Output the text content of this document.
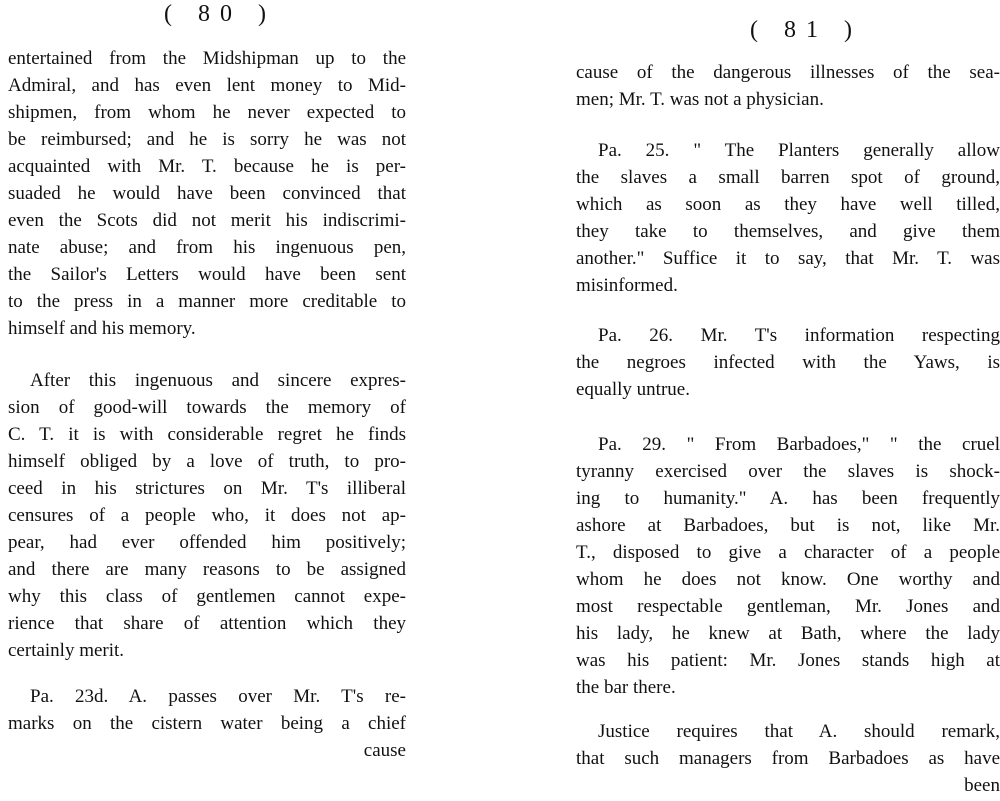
( 80 )
entertained from the Midshipman up to the
Admiral, and has even lent money to Mid-
shipmen, from whom he never expected to
be reimbursed; and he is sorry he was not
acquainted with Mr. T. because he is per-
suaded he would have been convinced that
even the Scots did not merit his indiscrimi-
nate abuse; and from his ingenuous pen,
the Sailor's Letters would have been sent
to the press in a manner more creditable to
himself and his memory.
After this ingenuous and sincere expres-
sion of good-will towards the memory of
C. T. it is with considerable regret he finds
himself obliged by a love of truth, to pro-
ceed in his strictures on Mr. T's illiberal
censures of a people who, it does not ap-
pear, had ever offended him positively;
and there are many reasons to be assigned
why this class of gentlemen cannot expe-
rience that share of attention which they
certainly merit.
Pa. 23d. A. passes over Mr. T's re-
marks on the cistern water being a chief
cause
( 81 )
cause of the dangerous illnesses of the sea-
men; Mr. T. was not a physician.
Pa. 25. " The Planters generally allow
the slaves a small barren spot of ground,
which as soon as they have well tilled,
they take to themselves, and give them
another." Suffice it to say, that Mr. T. was
misinformed.
Pa. 26. Mr. T's information respecting
the negroes infected with the Yaws, is
equally untrue.
Pa. 29. " From Barbadoes," " the cruel
tyranny exercised over the slaves is shock-
ing to humanity." A. has been frequently
ashore at Barbadoes, but is not, like Mr.
T., disposed to give a character of a people
whom he does not know. One worthy and
most respectable gentleman, Mr. Jones and
his lady, he knew at Bath, where the lady
was his patient: Mr. Jones stands high at
the bar there.
Justice requires that A. should remark,
that such managers from Barbadoes as have
been
